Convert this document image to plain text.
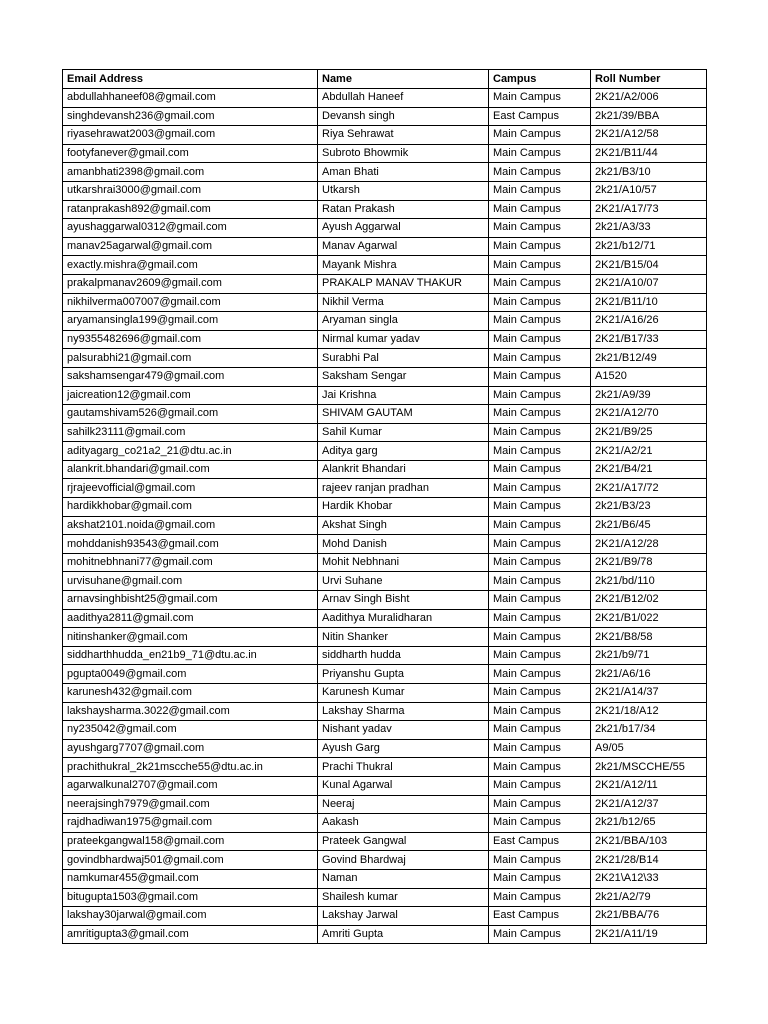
Email Address	Name	Campus	Roll Number
abdullahhaneef08@gmail.com	Abdullah Haneef	Main Campus	2K21/A2/006
singhdevansh236@gmail.com	Devansh singh	East Campus	2k21/39/BBA
riyasehrawat2003@gmail.com	Riya Sehrawat	Main Campus	2K21/A12/58
footyfanever@gmail.com	Subroto Bhowmik	Main Campus	2K21/B11/44
amanbhati2398@gmail.com	Aman Bhati	Main Campus	2k21/B3/10
utkarshrai3000@gmail.com	Utkarsh	Main Campus	2k21/A10/57
ratanprakash892@gmail.com	Ratan Prakash	Main Campus	2K21/A17/73
ayushaggarwal0312@gmail.com	Ayush Aggarwal	Main Campus	2k21/A3/33
manav25agarwal@gmail.com	Manav Agarwal	Main Campus	2k21/b12/71
exactly.mishra@gmail.com	Mayank Mishra	Main Campus	2K21/B15/04
prakalpmanav2609@gmail.com	PRAKALP MANAV THAKUR	Main Campus	2K21/A10/07
nikhilverma007007@gmail.com	Nikhil Verma	Main Campus	2K21/B11/10
aryamansingla199@gmail.com	Aryaman singla	Main Campus	2K21/A16/26
ny9355482696@gmail.com	Nirmal kumar yadav	Main Campus	2K21/B17/33
palsurabhi21@gmail.com	Surabhi Pal	Main Campus	2k21/B12/49
sakshamsengar479@gmail.com	Saksham Sengar	Main Campus	A1520
jaicreation12@gmail.com	Jai Krishna	Main Campus	2k21/A9/39
gautamshivam526@gmail.com	SHIVAM GAUTAM	Main Campus	2K21/A12/70
sahilk23111@gmail.com	Sahil Kumar	Main Campus	2K21/B9/25
adityagarg_co21a2_21@dtu.ac.in	Aditya garg	Main Campus	2K21/A2/21
alankrit.bhandari@gmail.com	Alankrit Bhandari	Main Campus	2K21/B4/21
rjrajeevofficial@gmail.com	rajeev ranjan pradhan	Main Campus	2K21/A17/72
hardikkhobar@gmail.com	Hardik Khobar	Main Campus	2k21/B3/23
akshat2101.noida@gmail.com	Akshat Singh	Main Campus	2k21/B6/45
mohddanish93543@gmail.com	Mohd Danish	Main Campus	2K21/A12/28
mohitnebhnani77@gmail.com	Mohit Nebhnani	Main Campus	2K21/B9/78
urvisuhane@gmail.com	Urvi Suhane	Main Campus	2k21/bd/110
arnavsinghbisht25@gmail.com	Arnav Singh Bisht	Main Campus	2K21/B12/02
aadithya2811@gmail.com	Aadithya Muralidharan	Main Campus	2K21/B1/022
nitinshanker@gmail.com	Nitin Shanker	Main Campus	2K21/B8/58
siddharthhudda_en21b9_71@dtu.ac.in	siddharth hudda	Main Campus	2k21/b9/71
pgupta0049@gmail.com	Priyanshu Gupta	Main Campus	2k21/A6/16
karunesh432@gmail.com	Karunesh Kumar	Main Campus	2K21/A14/37
lakshaysharma.3022@gmail.com	Lakshay Sharma	Main Campus	2K21/18/A12
ny235042@gmail.com	Nishant yadav	Main Campus	2k21/b17/34
ayushgarg7707@gmail.com	Ayush Garg	Main Campus	A9/05
prachithukral_2k21mscche55@dtu.ac.in	Prachi Thukral	Main Campus	2k21/MSCCHE/55
agarwalkunal2707@gmail.com	Kunal Agarwal	Main Campus	2K21/A12/11
neerajsingh7979@gmail.com	Neeraj	Main Campus	2K21/A12/37
rajdhadiwan1975@gmail.com	Aakash	Main Campus	2k21/b12/65
prateekgangwal158@gmail.com	Prateek Gangwal	East Campus	2K21/BBA/103
govindbhardwaj501@gmail.com	Govind Bhardwaj	Main Campus	2K21/28/B14
namkumar455@gmail.com	Naman	Main Campus	2K21\A12\33
bitugupta1503@gmail.com	Shailesh kumar	Main Campus	2k21/A2/79
lakshay30jarwal@gmail.com	Lakshay Jarwal	East Campus	2k21/BBA/76
amritigupta3@gmail.com	Amriti Gupta	Main Campus	2K21/A11/19
